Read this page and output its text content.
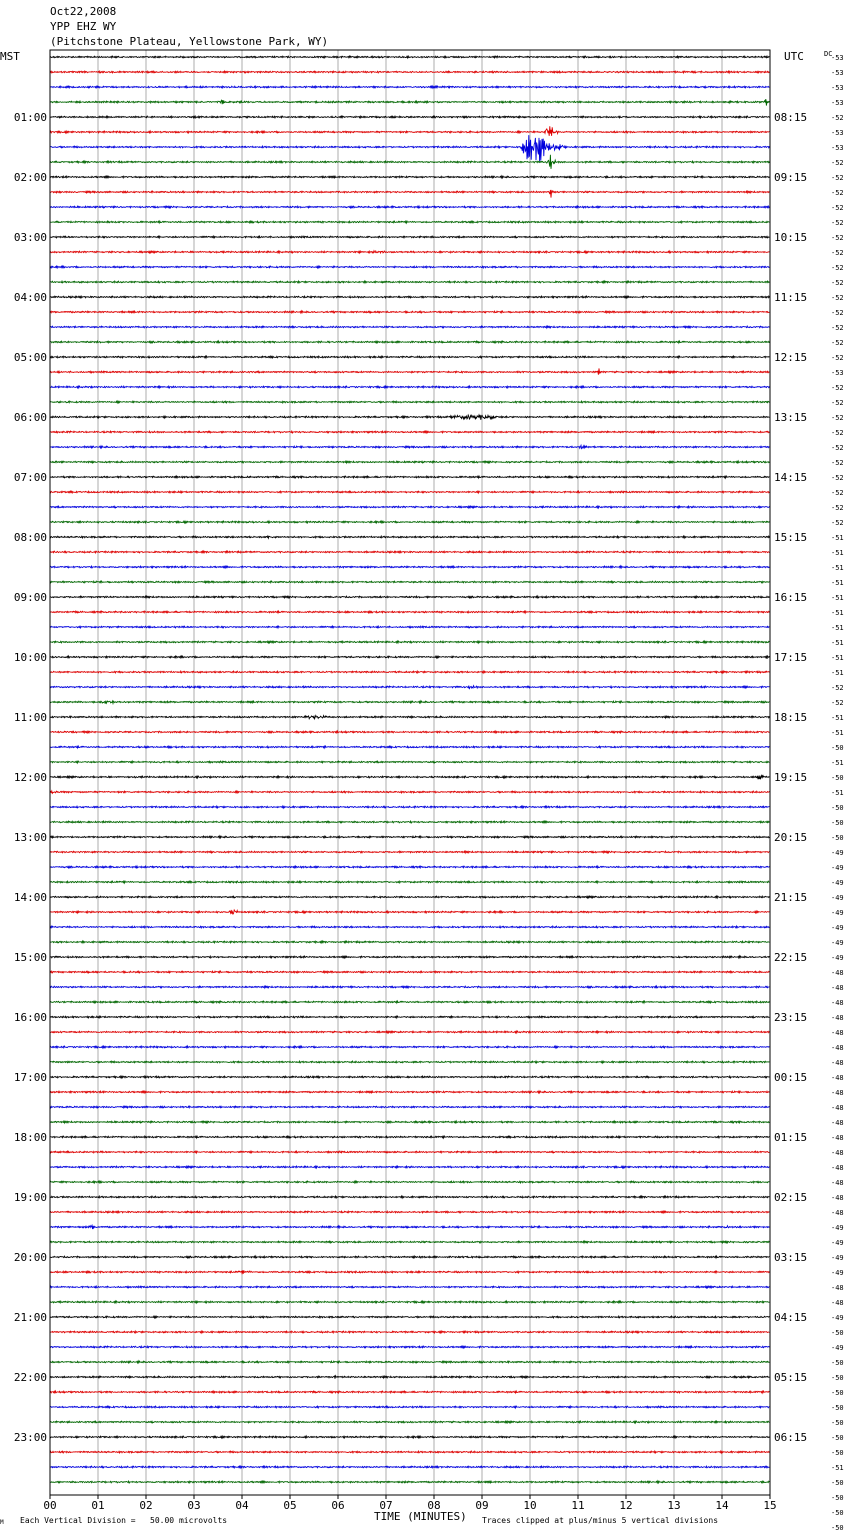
Oct22,2008
YPP EHZ WY
(Pitchstone Plateau, Yellowstone Park, WY)
MST	UTC	DC
01:00
02:00
03:00
04:00
05:00
06:00
07:00
08:00
09:00
10:00
11:00
12:00
13:00
14:00
15:00
16:00
17:00
18:00
19:00
20:00
21:00
22:00
23:00
08:15
09:15
10:15
11:15
12:15
13:15
14:15
15:15
16:15
17:15
18:15
19:15
20:15
21:15
22:15
23:15
00:15
01:15
02:15
03:15
04:15
05:15
06:15
-53
-53
-53
-53
-52
-53
-53
-52
-52
-52
-52
-52
-52
-52
-52
-52
-52
-52
-52
-52
-52
-53
-52
-52
-52
-52
-52
-52
-52
-52
-52
-52
-51
-51
-51
-51
-51
-51
-51
-51
-51
-51
-52
-52
-51
-51
-50
-51
-50
-51
-50
-50
-50
-49
-49
-49
-49
-49
-49
-49
-49
-48
-48
-48
-48
-48
-48
-48
-48
-48
-48
-48
-48
-48
-48
-48
-48
-48
-49
-49
-49
-49
-48
-48
-49
-50
-49
-50
-50
-50
-50
-50
-50
-50
-51
-50
-50
-50
-50
00	01	02	03	04	05	06	07	08	09	10	11	12	13	14	15
M Each Vertical Division =   50.00 microvolts	TIME (MINUTES) Traces clipped at plus/minus 5 vertical divisions
